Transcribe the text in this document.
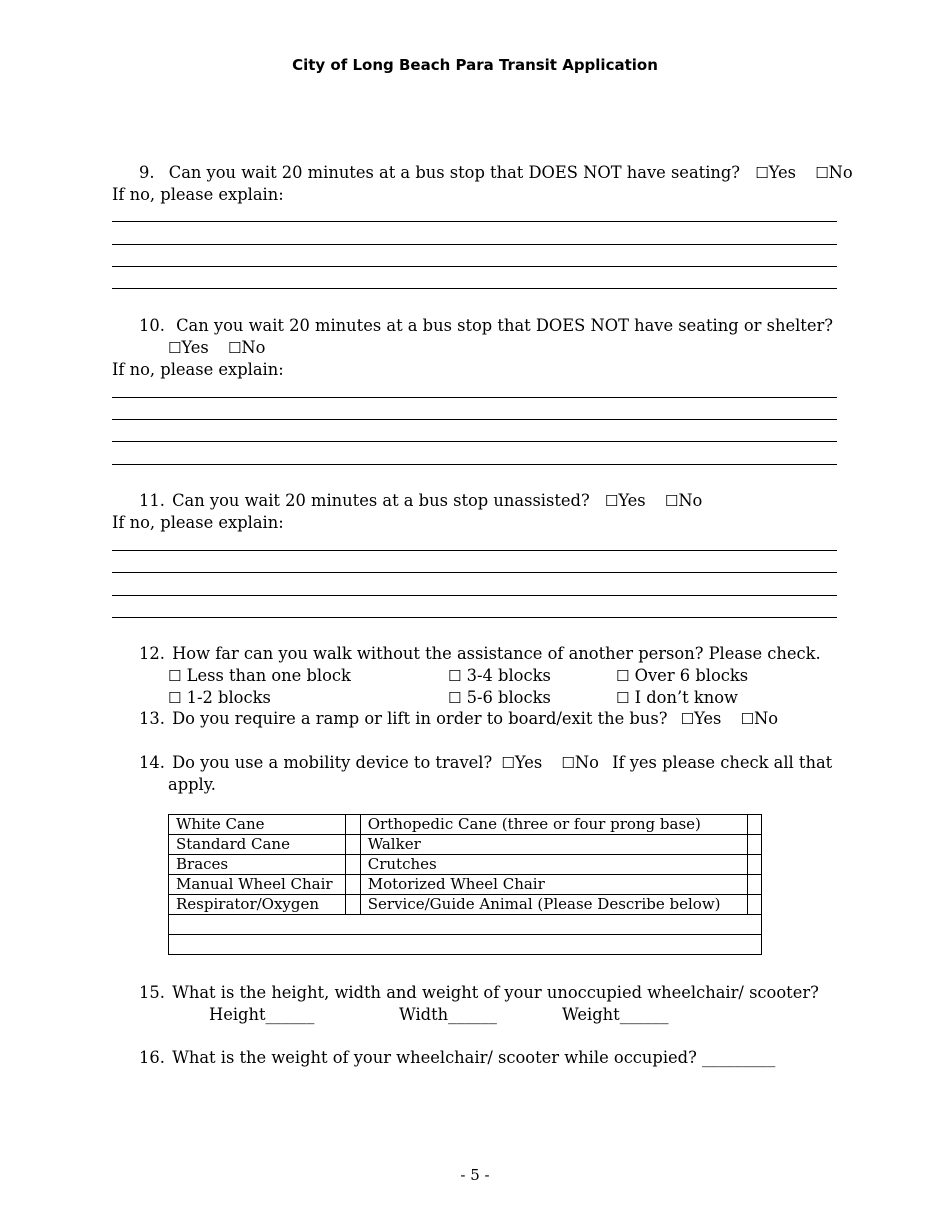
City of Long Beach Para Transit Application
9. Can you wait 20 minutes at a bus stop that DOES NOT have seating? ☐Yes ☐No
If no, please explain:
10. Can you wait 20 minutes at a bus stop that DOES NOT have seating or shelter?
☐Yes ☐No
If no, please explain:
11. Can you wait 20 minutes at a bus stop unassisted? ☐Yes ☐No
If no, please explain:
12. How far can you walk without the assistance of another person? Please check.
☐ Less than one block	☐ 3-4 blocks	☐ Over 6 blocks
☐ 1-2 blocks	☐ 5-6 blocks	☐ I don’t know
13. Do you require a ramp or lift in order to board/exit the bus? ☐Yes ☐No
14. Do you use a mobility device to travel? ☐Yes ☐No If yes please check all that
apply.
White Cane		Orthopedic Cane (three or four prong base)	
Standard Cane		Walker	
Braces		Crutches	
Manual Wheel Chair		Motorized Wheel Chair	
Respirator/Oxygen		Service/Guide Animal (Please Describe below)	

15. What is the height, width and weight of your unoccupied wheelchair/ scooter?
Height______	Width______	Weight______
16. What is the weight of your wheelchair/ scooter while occupied? _________
- 5 -
